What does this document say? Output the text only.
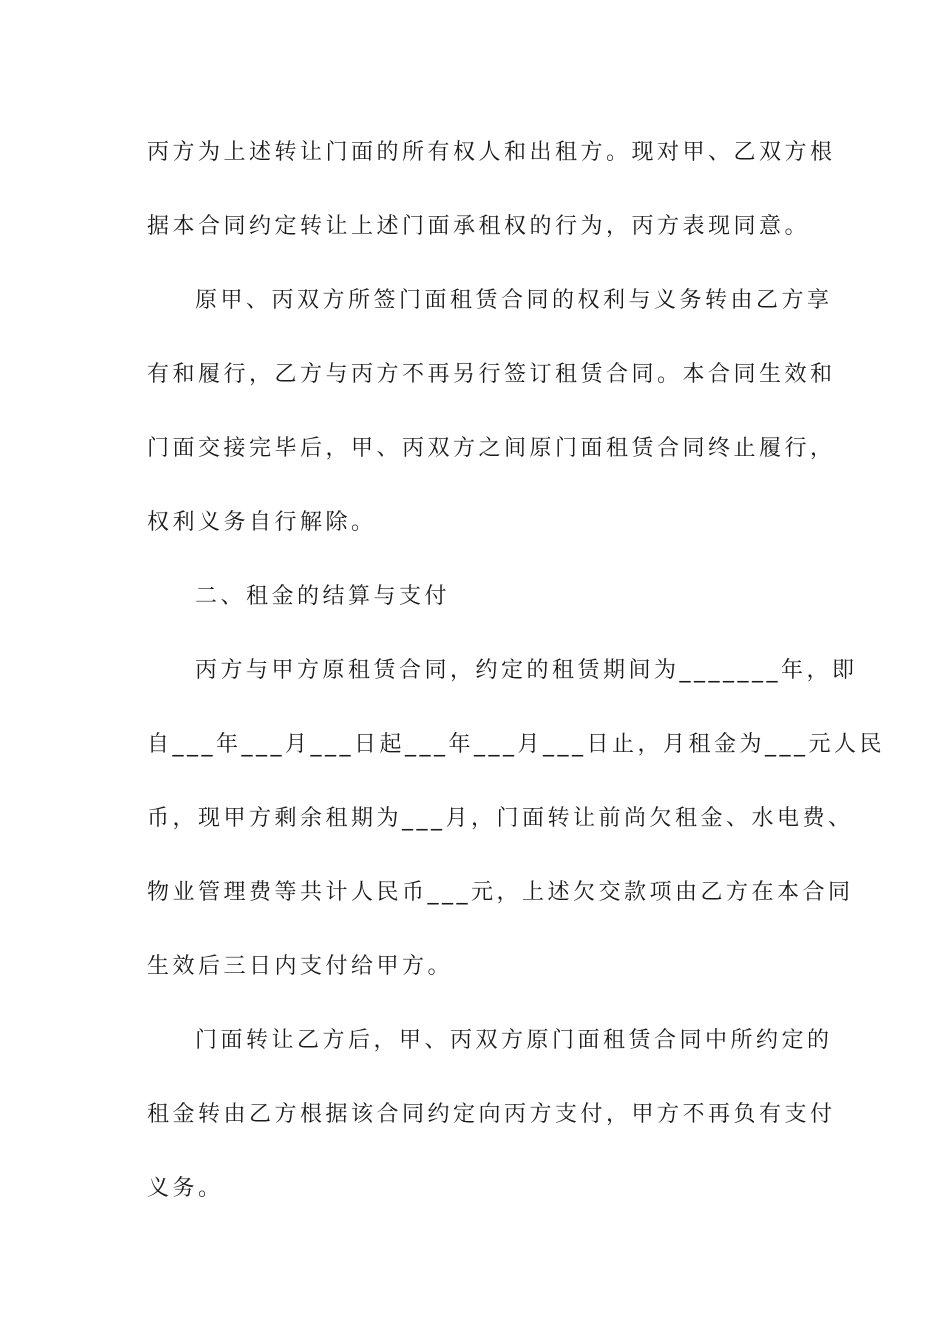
丙方为上述转让门面的所有权人和出租方。现对甲、乙双方根
据本合同约定转让上述门面承租权的行为，丙方表现同意。
原甲、丙双方所签门面租赁合同的权利与义务转由乙方享
有和履行，乙方与丙方不再另行签订租赁合同。本合同生效和
门面交接完毕后，甲、丙双方之间原门面租赁合同终止履行，
权利义务自行解除。
二、租金的结算与支付
丙方与甲方原租赁合同，约定的租赁期间为_______年，即
自___年___月___日起___年___月___日止，月租金为___元人民
币，现甲方剩余租期为___月，门面转让前尚欠租金、水电费、
物业管理费等共计人民币___元，上述欠交款项由乙方在本合同
生效后三日内支付给甲方。
门面转让乙方后，甲、丙双方原门面租赁合同中所约定的
租金转由乙方根据该合同约定向丙方支付，甲方不再负有支付
义务。
